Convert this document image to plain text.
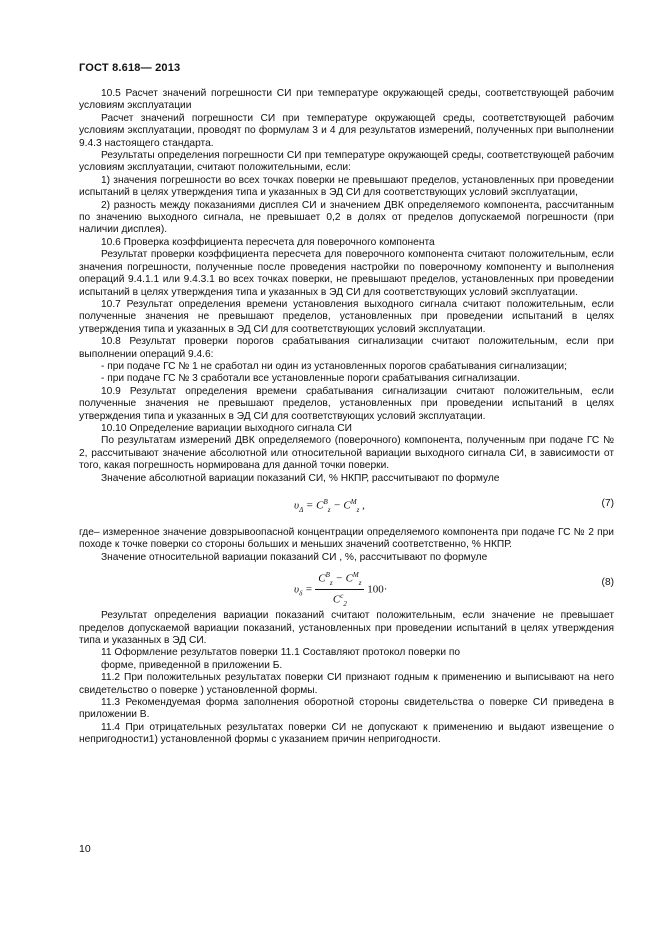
ГОСТ 8.618— 2013

10.5 Расчет значений погрешности СИ при температуре окружающей среды, соответствующей рабочим условиям эксплуатации

Расчет значений погрешности СИ при температуре окружающей среды, соответствующей рабочим условиям эксплуатации, проводят по формулам 3 и 4 для результатов измерений, полученных при выполнении 9.4.3 настоящего стандарта.

Результаты определения погрешности СИ при температуре окружающей среды, соответствующей рабочим условиям эксплуатации, считают положительными, если:

1) значения погрешности во всех точках поверки не превышают пределов, установленных при проведении испытаний в целях утверждения типа и указанных в ЭД СИ для соответствующих условий эксплуатации,

2) разность между показаниями дисплея СИ и значением ДВК определяемого компонента, рассчитанным по значению выходного сигнала, не превышает 0,2 в долях от пределов допускаемой погрешности (при наличии дисплея).

10.6 Проверка коэффициента пересчета для поверочного компонента

Результат проверки коэффициента пересчета для поверочного компонента считают положительным, если значения погрешности, полученные после проведения настройки по поверочному компоненту и выполнения операций 9.4.1.1 или 9.4.3.1 во всех точках поверки, не превышают пределов, установленных при проведении испытаний в целях утверждения типа и указанных в ЭД СИ для соответствующих условий эксплуатации.

10.7 Результат определения времени установления выходного сигнала считают положительным, если полученные значения не превышают пределов, установленных при проведении испытаний в целях утверждения типа и указанных в ЭД СИ для соответствующих условий эксплуатации.

10.8 Результат проверки порогов срабатывания сигнализации считают положительным, если при выполнении операций 9.4.6:

- при подаче ГС № 1 не сработал ни один из установленных порогов срабатывания сигнализации;

- при подаче ГС № 3 сработали все установленные пороги срабатывания сигнализации.

10.9 Результат определения времени срабатывания сигнализации считают положительным, если полученные значения не превышают пределов, установленных при проведении испытаний в целях утверждения типа и указанных в ЭД СИ для соответствующих условий эксплуатации.

10.10 Определение вариации выходного сигнала СИ

По результатам измерений ДВК определяемого (поверочного) компонента, полученным при подаче ГС № 2, рассчитывают значение абсолютной или относительной вариации выходного сигнала СИ, в зависимости от того, какая погрешность нормирована для данной точки поверки.

Значение абсолютной вариации показаний СИ, % НКПР, рассчитывают по формуле

$\upsilon_\Delta = C^B_z - C^M_z$ ,	(7)

где– измеренное значение довзрывоопасной концентрации определяемого компонента при подаче ГС № 2 при походе к точке поверки со стороны больших и меньших значений соответственно, % НКПР.

Значение относительной вариации показаний СИ , %, рассчитывают по формуле

$\upsilon_\delta = \frac{C^B_z - C^M_z}{C^c_2} 100\cdot$
(8)

Результат определения вариации показаний считают положительным, если значение не превышает пределов допускаемой вариации показаний, установленных при проведении испытаний в целях утверждения типа и указанных в ЭД СИ.

11 Оформление результатов поверки 11.1 Составляют протокол поверки по

форме, приведенной в приложении Б.

11.2 При положительных результатах поверки СИ признают годным к применению и выписывают на него свидетельство о поверке ) установленной формы.

11.3 Рекомендуемая форма заполнения оборотной стороны свидетельства о поверке СИ приведена в приложении В.

11.4 При отрицательных результатах поверки СИ не допускают к применению и выдают извещение о непригодности1) установленной формы с указанием причин непригодности.

10
